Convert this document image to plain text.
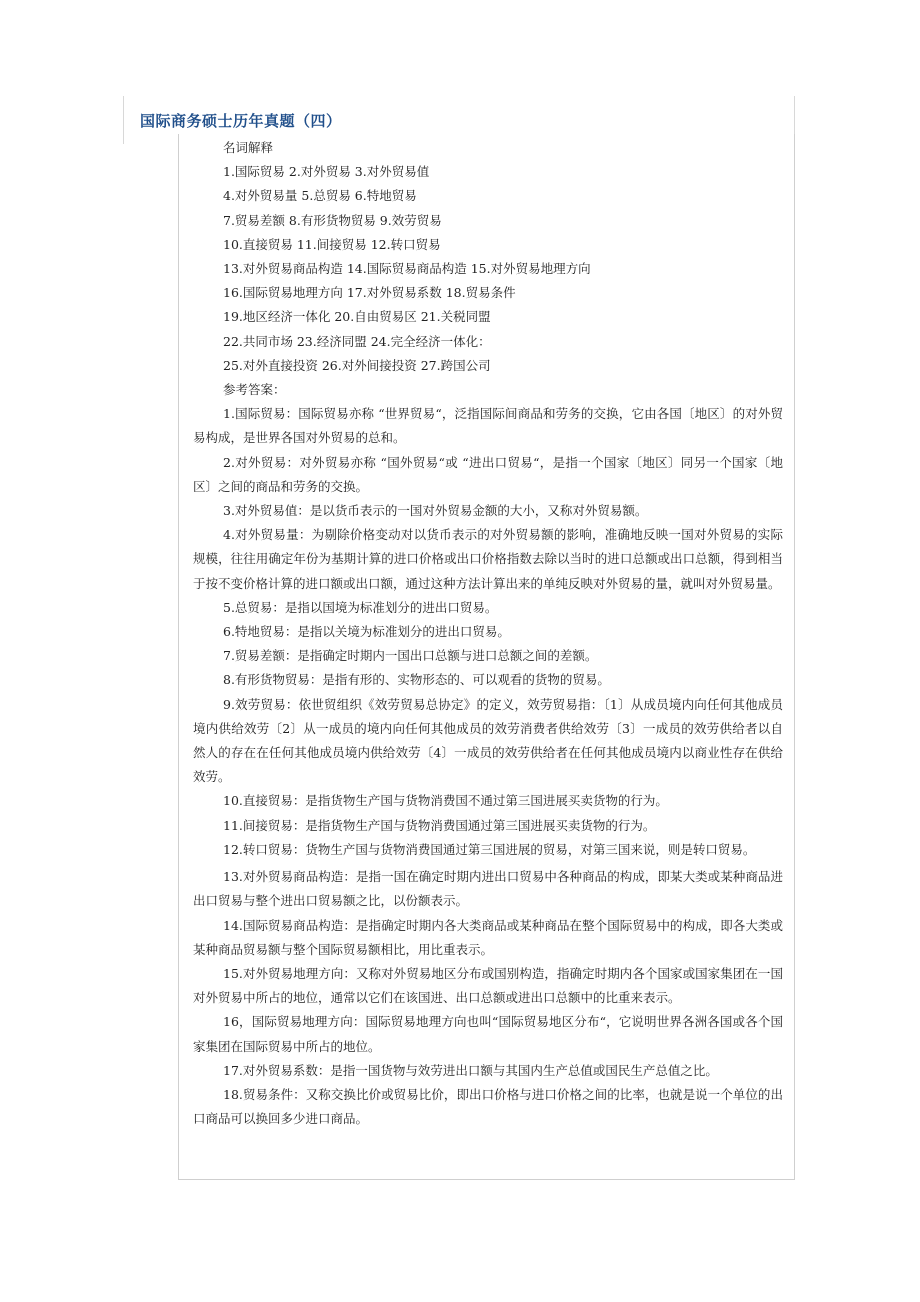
国际商务硕士历年真题（四）
名词解释
1.国际贸易 2.对外贸易 3.对外贸易值
4.对外贸易量 5.总贸易 6.特地贸易
7.贸易差额 8.有形货物贸易 9.效劳贸易
10.直接贸易 11.间接贸易 12.转口贸易
13.对外贸易商品构造 14.国际贸易商品构造 15.对外贸易地理方向
16.国际贸易地理方向 17.对外贸易系数 18.贸易条件
19.地区经济一体化 20.自由贸易区 21.关税同盟
22.共同市场 23.经济同盟 24.完全经济一体化：
25.对外直接投资 26.对外间接投资 27.跨国公司
参考答案：

1.国际贸易：国际贸易亦称 “世界贸易“，泛指国际间商品和劳务的交换，它由各国〔地区〕的对外贸易构成，是世界各国对外贸易的总和。

2.对外贸易：对外贸易亦称 “国外贸易“或 “进出口贸易“，是指一个国家〔地区〕同另一个国家〔地区〕之间的商品和劳务的交换。

3.对外贸易值：是以货币表示的一国对外贸易金额的大小，又称对外贸易额。

4.对外贸易量：为剔除价格变动对以货币表示的对外贸易额的影响，准确地反映一国对外贸易的实际规模，往往用确定年份为基期计算的进口价格或出口价格指数去除以当时的进口总额或出口总额，得到相当于按不变价格计算的进口额或出口额，通过这种方法计算出来的单纯反映对外贸易的量，就叫对外贸易量。

5.总贸易：是指以国境为标准划分的进出口贸易。

6.特地贸易：是指以关境为标准划分的进出口贸易。

7.贸易差额：是指确定时期内一国出口总额与进口总额之间的差额。

8.有形货物贸易：是指有形的、实物形态的、可以观看的货物的贸易。

9.效劳贸易：依世贸组织《效劳贸易总协定》的定义，效劳贸易指：〔1〕从成员境内向任何其他成员境内供给效劳〔2〕从一成员的境内向任何其他成员的效劳消费者供给效劳〔3〕一成员的效劳供给者以自然人的存在在任何其他成员境内供给效劳〔4〕一成员的效劳供给者在任何其他成员境内以商业性存在供给效劳。

10.直接贸易：是指货物生产国与货物消费国不通过第三国进展买卖货物的行为。

11.间接贸易：是指货物生产国与货物消费国通过第三国进展买卖货物的行为。

12.转口贸易：货物生产国与货物消费国通过第三国进展的贸易，对第三国来说，则是转口贸易。

13.对外贸易商品构造：是指一国在确定时期内进出口贸易中各种商品的构成，即某大类或某种商品进出口贸易与整个进出口贸易额之比，以份额表示。

14.国际贸易商品构造：是指确定时期内各大类商品或某种商品在整个国际贸易中的构成，即各大类或某种商品贸易额与整个国际贸易额相比，用比重表示。

15.对外贸易地理方向：又称对外贸易地区分布或国别构造，指确定时期内各个国家或国家集团在一国对外贸易中所占的地位，通常以它们在该国进、出口总额或进出口总额中的比重来表示。

16，国际贸易地理方向：国际贸易地理方向也叫“国际贸易地区分布“，它说明世界各洲各国或各个国家集团在国际贸易中所占的地位。

17.对外贸易系数：是指一国货物与效劳进出口额与其国内生产总值或国民生产总值之比。

18.贸易条件：又称交换比价或贸易比价，即出口价格与进口价格之间的比率，也就是说一个单位的出口商品可以换回多少进口商品。
